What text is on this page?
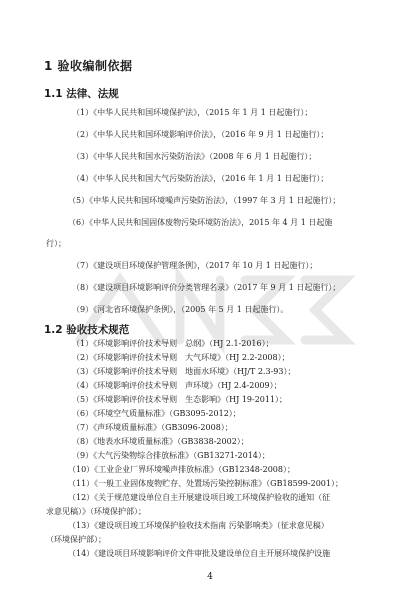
1 验收编制依据
1.1 法律、法规
（1）《中华人民共和国环境保护法》，（2015 年 1 月 1 日起施行）；
（2）《中华人民共和国环境影响评价法》，（2016 年 9 月 1 日起施行）；
（3）《中华人民共和国水污染防治法》（2008 年 6 月 1 日起施行）；
（4）《中华人民共和国大气污染防治法》，（2016 年 1 月 1 日起施行）；
（5）《中华人民共和国环境噪声污染防治法》，（1997 年 3 月 1 日起施行）；
（6）《中华人民共和国固体废物污染环境防治法》，2015 年 4 月 1 日起施
行）；
（7）《建设项目环境保护管理条例》，（2017 年 10 月 1 日起施行）；
（8）《建设项目环境影响评价分类管理名录》（2017 年 9 月 1 日起施行）；
（9）《河北省环境保护条例》，（2005 年 5 月 1 日起施行）。
1.2 验收技术规范
（1）《环境影响评价技术导则　总纲》（HJ 2.1-2016）；
（2）《环境影响评价技术导则　大气环境》（HJ 2.2-2008）；
（3）《环境影响评价技术导则　地面水环境》（HJ/T 2.3-93）；
（4）《环境影响评价技术导则　声环境》（HJ 2.4-2009）；
（5）《环境影响评价技术导则　生态影响》（HJ 19-2011）；
（6）《环境空气质量标准》（GB3095-2012）；
（7）《声环境质量标准》（GB3096-2008）；
（8）《地表水环境质量标准》（GB3838-2002）；
（9）《大气污染物综合排放标准》（GB13271-2014）；
（10）《工业企业厂界环境噪声排放标准》（GB12348-2008）；
4
（11）《一般工业固体废物贮存、处置场污染控制标准》（GB18599-2001）；
（12）《关于规范建设单位自主开展建设项目竣工环境保护验收的通知（征
求意见稿）》（环境保护部）；
（13）《建设项目竣工环境保护验收技术指南 污染影响类》（征求意见稿）
（环境保护部）；
（14）《建设项目环境影响评价文件审批及建设单位自主开展环境保护设施
